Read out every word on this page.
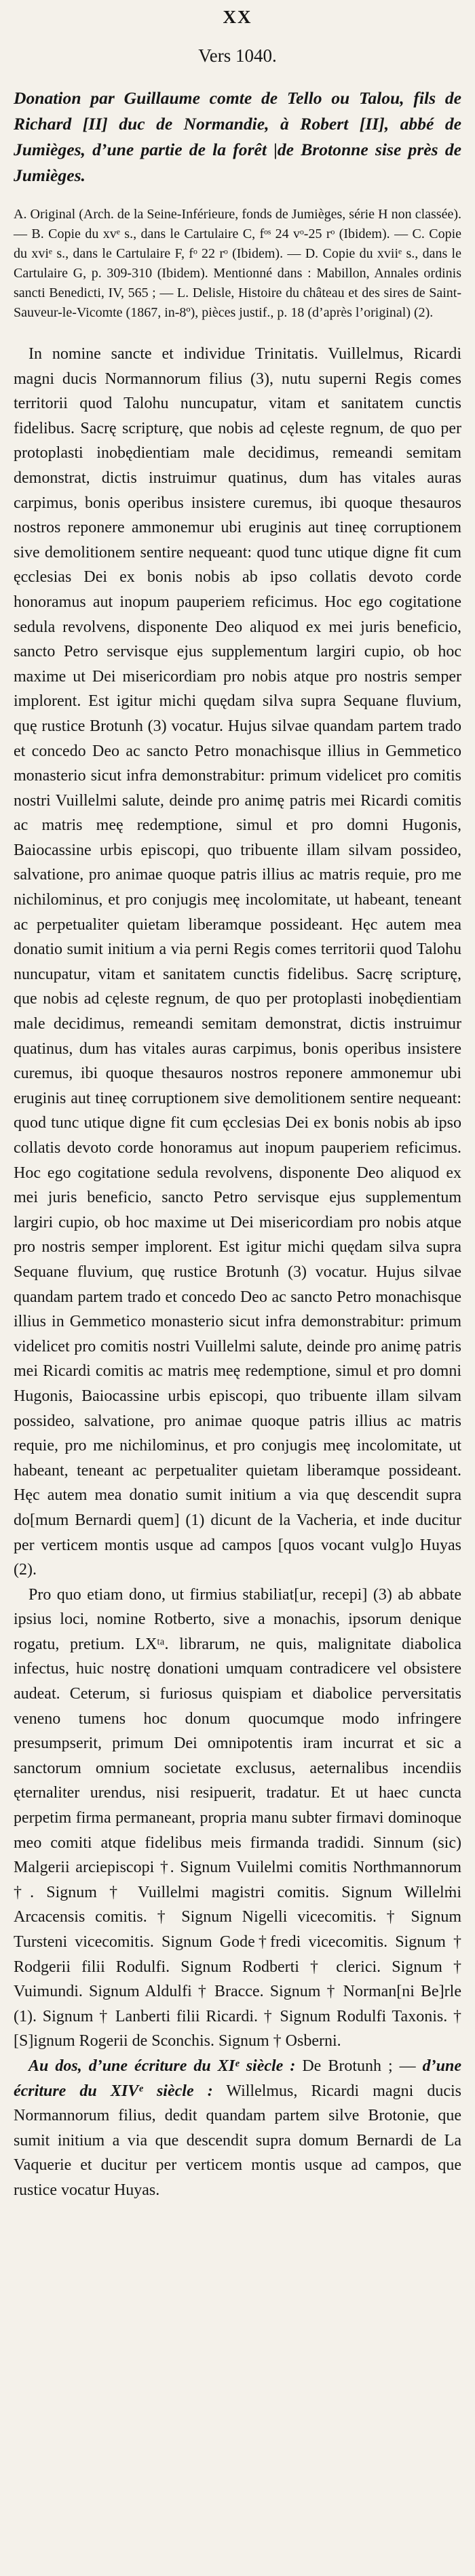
XX
Vers 1040.
Donation par Guillaume comte de Tello ou Talou, fils de Richard [II] duc de Normandie, à Robert [II], abbé de Jumièges, d’une partie de la forêt |de Brotonne sise près de Jumièges.
A. Original (Arch. de la Seine-Inférieure, fonds de Jumièges, série H non classée). — B. Copie du xvᵉ s., dans le Cartulaire C, fᵒˢ 24 vᵒ-25 rᵒ (Ibidem). — C. Copie du xviᵉ s., dans le Cartulaire F, fᵒ 22 rᵒ (Ibidem). — D. Copie du xviiᵉ s., dans le Cartulaire G, p. 309-310 (Ibidem). Mentionné dans : Mabillon, Annales ordinis sancti Benedicti, IV, 565 ; — L. Delisle, Histoire du château et des sires de Saint-Sauveur-le-Vicomte (1867, in-8º), pièces justif., p. 18 (d’après l’original) (2).

In nomine sancte et individue Trinitatis. Vuillelmus, Ricardi magni ducis Normannorum filius (3), nutu superni Regis comes territorii quod Talohu nuncupatur, vitam et sanitatem cunctis fidelibus. Sacrę scripturę, que nobis ad cęleste regnum, de quo per protoplasti inobędientiam male decidimus, remeandi semitam demonstrat, dictis instruimur quatinus, dum has vitales auras carpimus, bonis operibus insistere curemus, ibi quoque thesauros nostros reponere ammonemur ubi eruginis aut tineę corruptionem sive demolitionem sentire nequeant: quod tunc utique digne fit cum ęcclesias Dei ex bonis nobis ab ipso collatis devoto corde honoramus aut inopum pauperiem reficimus. Hoc ego cogitatione sedula revolvens, disponente Deo aliquod ex mei juris beneficio, sancto Petro servisque ejus supplementum largiri cupio, ob hoc maxime ut Dei misericordiam pro nobis atque pro nostris semper implorent. Est igitur michi quędam silva supra Sequane fluvium, quę rustice Brotunh (3) vocatur. Hujus silvae quandam partem trado et concedo Deo ac sancto Petro monachisque illius in Gemmetico monasterio sicut infra demonstrabitur: primum videlicet pro comitis nostri Vuillelmi salute, deinde pro animę patris mei Ricardi comitis ac matris meę redemptione, simul et pro domni Hugonis, Baiocassine urbis episcopi, quo tribuente illam silvam possideo, salvatione, pro animae quoque patris illius ac matris requie, pro me nichilominus, et pro conjugis meę incolomitate, ut habeant, teneant ac perpetualiter quietam liberamque possideant. Hęc autem mea donatio sumit initium a via perni Regis comes territorii quod Talohu nuncupatur, vitam et sanitatem cunctis fidelibus. Sacrę scripturę, que nobis ad cęleste regnum, de quo per protoplasti inobędientiam male decidimus, remeandi semitam demonstrat, dictis instruimur quatinus, dum has vitales auras carpimus, bonis operibus insistere curemus, ibi quoque thesauros nostros reponere ammonemur ubi eruginis aut tineę corruptionem sive demolitionem sentire nequeant: quod tunc utique digne fit cum ęcclesias Dei ex bonis nobis ab ipso collatis devoto corde honoramus aut inopum pauperiem reficimus. Hoc ego cogitatione sedula revolvens, disponente Deo aliquod ex mei juris beneficio, sancto Petro servisque ejus supplementum largiri cupio, ob hoc maxime ut Dei misericordiam pro nobis atque pro nostris semper implorent. Est igitur michi quędam silva supra Sequane fluvium, quę rustice Brotunh (3) vocatur. Hujus silvae quandam partem trado et concedo Deo ac sancto Petro monachisque illius in Gemmetico monasterio sicut infra demonstrabitur: primum videlicet pro comitis nostri Vuillelmi salute, deinde pro animę patris mei Ricardi comitis ac matris meę redemptione, simul et pro domni Hugonis, Baiocassine urbis episcopi, quo tribuente illam silvam possideo, salvatione, pro animae quoque patris illius ac matris requie, pro me nichilominus, et pro conjugis meę incolomitate, ut habeant, teneant ac perpetualiter quietam liberamque possideant. Hęc autem mea donatio sumit initium a via quę descendit supra do[mum Bernardi quem] (1) dicunt de la Vacheria, et inde ducitur per verticem montis usque ad campos [quos vocant vulg]o Huyas (2).

Pro quo etiam dono, ut firmius stabiliat[ur, recepi] (3) ab abbate ipsius loci, nomine Rotberto, sive a monachis, ipsorum denique rogatu, pretium. LXᵗᵃ. librarum, ne quis, malignitate diabolica infectus, huic nostrę donationi umquam contradicere vel obsistere audeat. Ceterum, si furiosus quispiam et diabolice perversitatis veneno tumens hoc donum quocumque modo infringere presumpserit, primum Dei omnipotentis iram incurrat et sic a sanctorum omnium societate exclusus, aeternalibus incendiis ęternaliter urendus, nisi resipuerit, tradatur. Et ut haec cuncta perpetim firma permaneant, propria manu subter firmavi dominoque meo comiti atque fidelibus meis firmanda tradidi. Sinnum (sic) Malgerii arciepiscopi †. Signum Vuilelmi comitis Northmannorum †. Signum † Vuillelmi magistri comitis. Signum Willelṁi Arcacensis comitis. † Signum Nigelli vicecomitis. † Signum Tursteni vicecomitis. Signum Gode†fredi vicecomitis. Signum † Rodgerii filii Rodulfi. Signum Rodberti † clerici. Signum † Vuimundi. Signum Aldulfi † Bracce. Signum † Norman[ni Be]rle (1). Signum † Lanberti filii Ricardi. † Signum Rodulfi Taxonis. † [S]ignum Rogerii de Sconchis. Signum † Osberni.

Au dos, d’une écriture du XIᵉ siècle : De Brotunh ; — d’une écriture du XIVᵉ siècle : Willelmus, Ricardi magni ducis Normannorum filius, dedit quandam partem silve Brotonie, que sumit initium a via que descendit supra domum Bernardi de La Vaquerie et ducitur per verticem montis usque ad campos, que rustice vocatur Huyas.
